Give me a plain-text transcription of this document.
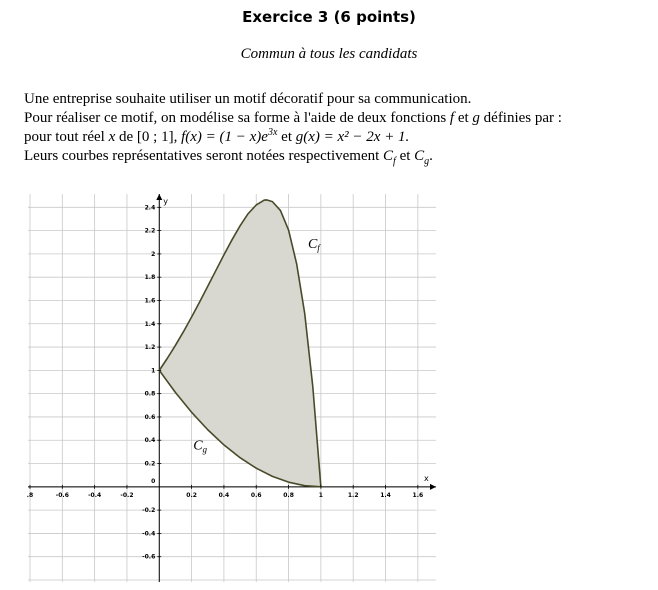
Exercice 3 (6 points)
Commun à tous les candidats
Une entreprise souhaite utiliser un motif décoratif pour sa communication.
Pour réaliser ce motif, on modélise sa forme à l'aide de deux fonctions f et g définies par :
pour tout réel x de [0 ; 1], $f(x) = (1 - x)e^{3x}$ et g(x) = x² − 2x + 1.
Leurs courbes représentatives seront notées respectivement $C_f$ et $C_g$.
x
y
.8	-0.6	-0.4	-0.2	0.2	0.4	0.6	0.8	1	1.2	1.4	1.6
2.4
2.2
2
1.8
1.6
1.4
1.2
1
0.8
0.6
0.4
0.2
-0.2
-0.4
-0.6
0
$C_f$
$C_g$
